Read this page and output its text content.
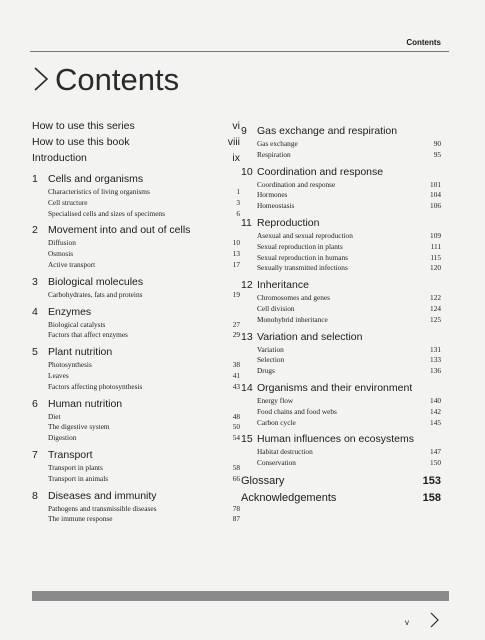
Contents
Contents
How to use this series	vi
How to use this book	viii
Introduction	ix
1 Cells and organisms
Characteristics of living organisms	1
Cell structure	3
Specialised cells and sizes of specimens	6
2 Movement into and out of cells
Diffusion	10
Osmosis	13
Active transport	17
3 Biological molecules
Carbohydrates, fats and proteins	19
4 Enzymes
Biological catalysts	27
Factors that affect enzymes	29
5 Plant nutrition
Photosynthesis	38
Leaves	41
Factors affecting photosynthesis	43
6 Human nutrition
Diet	48
The digestive system	50
Digestion	54
7 Transport
Transport in plants	58
Transport in animals	66
8 Diseases and immunity
Pathogens and transmissible diseases	78
The immune response	87
9 Gas exchange and respiration
Gas exchange	90
Respiration	95
10 Coordination and response
Coordination and response	101
Hormones	104
Homeostasis	106
11 Reproduction
Asexual and sexual reproduction	109
Sexual reproduction in plants	111
Sexual reproduction in humans	115
Sexually transmitted infections	120
12 Inheritance
Chromosomes and genes	122
Cell division	124
Monohybrid inheritance	125
13 Variation and selection
Variation	131
Selection	133
Drugs	136
14 Organisms and their environment
Energy flow	140
Food chains and food webs	142
Carbon cycle	145
15 Human influences on ecosystems
Habitat destruction	147
Conservation	150
Glossary	153
Acknowledgements	158
v
